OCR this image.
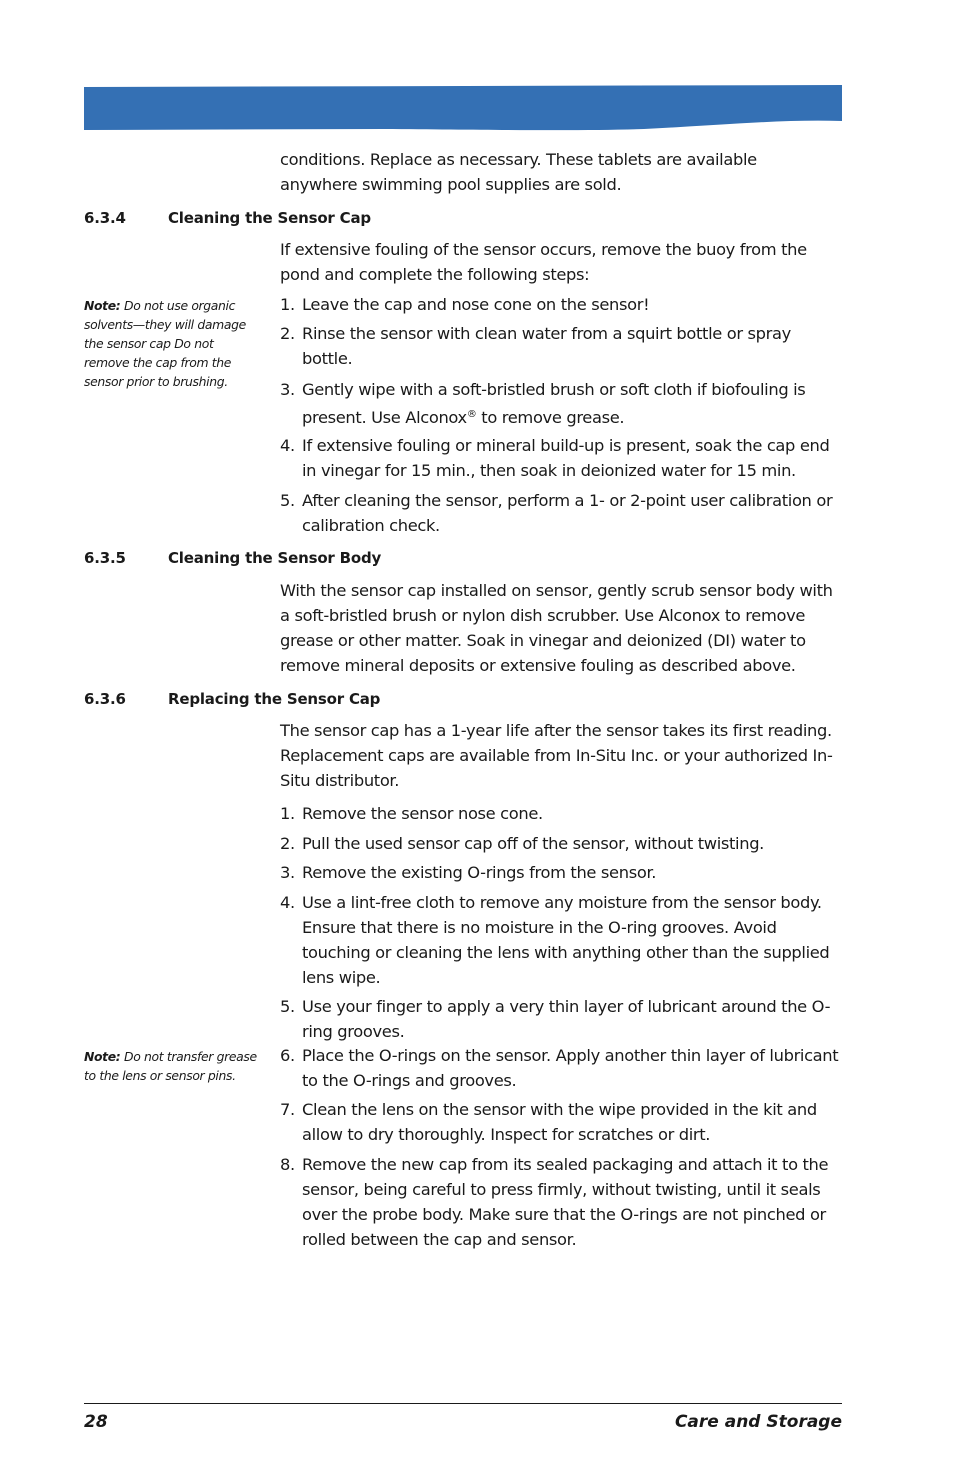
conditions. Replace as necessary. These tablets are available

anywhere swimming pool supplies are sold.

6.3.4	Cleaning the Sensor Cap

If extensive fouling of the sensor occurs, remove the buoy from the pond and complete the following steps:

Note: Do not use organic solvents—they will damage the sensor cap Do not remove the cap from the sensor prior to brushing.

1. Leave the cap and nose cone on the sensor!
2. Rinse the sensor with clean water from a squirt bottle or spray bottle.
3. Gently wipe with a soft-bristled brush or soft cloth if biofouling is present. Use Alconox® to remove grease.
4. If extensive fouling or mineral build-up is present, soak the cap end in vinegar for 15 min., then soak in deionized water for 15 min.
5. After cleaning the sensor, perform a 1- or 2-point user calibration or calibration check.
6.3.5	Cleaning the Sensor Body

With the sensor cap installed on sensor, gently scrub sensor body with a soft-bristled brush or nylon dish scrubber. Use Alconox to remove grease or other matter. Soak in vinegar and deionized (DI) water to remove mineral deposits or extensive fouling as described above.

6.3.6	Replacing the Sensor Cap

The sensor cap has a 1-year life after the sensor takes its first reading. Replacement caps are available from In-Situ Inc. or your authorized In-Situ distributor.

1. Remove the sensor nose cone.
2. Pull the used sensor cap off of the sensor, without twisting.
3. Remove the existing O-rings from the sensor.
4. Use a lint-free cloth to remove any moisture from the sensor body. Ensure that there is no moisture in the O-ring grooves. Avoid touching or cleaning the lens with anything other than the supplied lens wipe.
5. Use your finger to apply a very thin layer of lubricant around the O-ring grooves.
6. Place the O-rings on the sensor. Apply another thin layer of lubricant to the O-rings and grooves.
7. Clean the lens on the sensor with the wipe provided in the kit and allow to dry thoroughly. Inspect for scratches or dirt.
8. Remove the new cap from its sealed packaging and attach it to the sensor, being careful to press firmly, without twisting, until it seals over the probe body. Make sure that the O-rings are not pinched or rolled between the cap and sensor.

Note: Do not transfer grease to the lens or sensor pins.

28	Care and Storage
